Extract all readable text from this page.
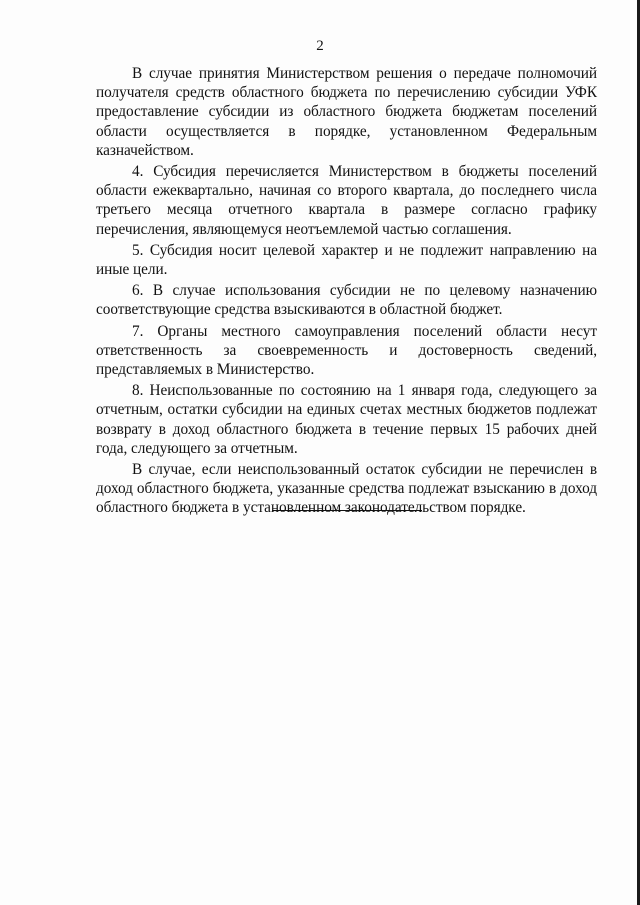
2

В случае принятия Министерством решения о передаче полномочий получателя средств областного бюджета по перечислению субсидии УФК предоставление субсидии из областного бюджета бюджетам поселений области осуществляется в порядке, установленном Федеральным казначейством.

4. Субсидия перечисляется Министерством в бюджеты поселений области ежеквартально, начиная со второго квартала, до последнего числа третьего месяца отчетного квартала в размере согласно графику перечисления, являющемуся неотъемлемой частью соглашения.

5. Субсидия носит целевой характер и не подлежит направлению на иные цели.

6. В случае использования субсидии не по целевому назначению соответствующие средства взыскиваются в областной бюджет.

7. Органы местного самоуправления поселений области несут ответственность за своевременность и достоверность сведений, представляемых в Министерство.

8. Неиспользованные по состоянию на 1 января года, следующего за отчетным, остатки субсидии на единых счетах местных бюджетов подлежат возврату в доход областного бюджета в течение первых 15 рабочих дней года, следующего за отчетным.

В случае, если неиспользованный остаток субсидии не перечислен в доход областного бюджета, указанные средства подлежат взысканию в доход областного бюджета в установленном законодательством порядке.
